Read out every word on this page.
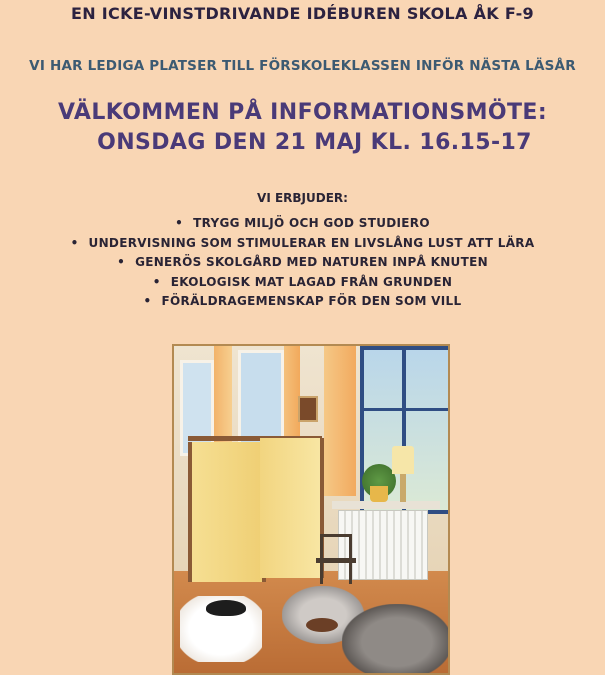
EN ICKE-VINSTDRIVANDE IDÉBUREN SKOLA ÅK F-9

VI HAR LEDIGA PLATSER TILL FÖRSKOLEKLASSEN INFÖR NÄSTA LÄSÅR

VÄLKOMMEN PÅ INFORMATIONSMÖTE:
ONSDAG DEN 21 MAJ KL. 16.15-17
VI ERBJUDER:
• TRYGG MILJÖ OCH GOD STUDIERO
• UNDERVISNING SOM STIMULERAR EN LIVSLÅNG LUST ATT LÄRA
• GENERÖS SKOLGÅRD MED NATUREN INPÅ KNUTEN
• EKOLOGISK MAT LAGAD FRÅN GRUNDEN
• FÖRÄLDRAGEMENSKAP FÖR DEN SOM VILL
